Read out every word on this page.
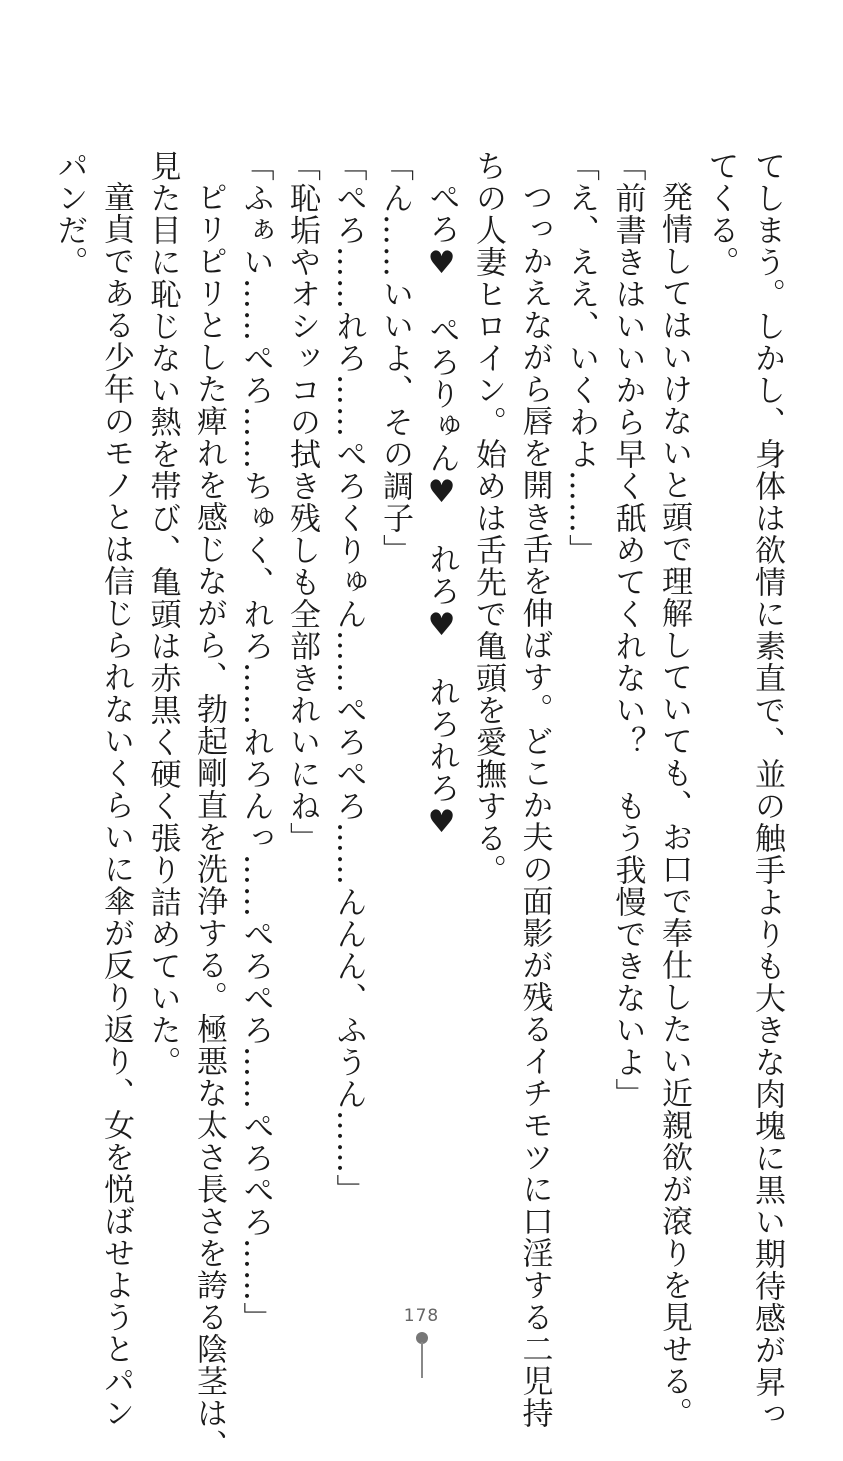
てしまう。しかし、身体は欲情に素直で、並の触手よりも大きな肉塊に黒い期待感が昇っ
てくる。
発情してはいけないと頭で理解していても、お口で奉仕したい近親欲が滾りを見せる。
「前書きはいいから早く舐めてくれない？　もう我慢できないよ」
「え、ええ、いくわよ……」
つっかえながら唇を開き舌を伸ばす。どこか夫の面影が残るイチモツに口淫する二児持
ちの人妻ヒロイン。始めは舌先で亀頭を愛撫する。
ぺろ♥　ぺろりゅん♥　れろ♥　れろれろ♥
「ん……いいよ、その調子」
「ぺろ……れろ……ぺろくりゅん……ぺろぺろ……んんん、ふうん……」
「恥垢やオシッコの拭き残しも全部きれいにね」
「ふぁい……ぺろ……ちゅく、れろ……れろんっ……ぺろぺろ……ぺろぺろ……」
ピリピリとした痺れを感じながら、勃起剛直を洗浄する。極悪な太さ長さを誇る陰茎は、
見た目に恥じない熱を帯び、亀頭は赤黒く硬く張り詰めていた。
童貞である少年のモノとは信じられないくらいに傘が反り返り、女を悦ばせようとパン
パンだ。
178
